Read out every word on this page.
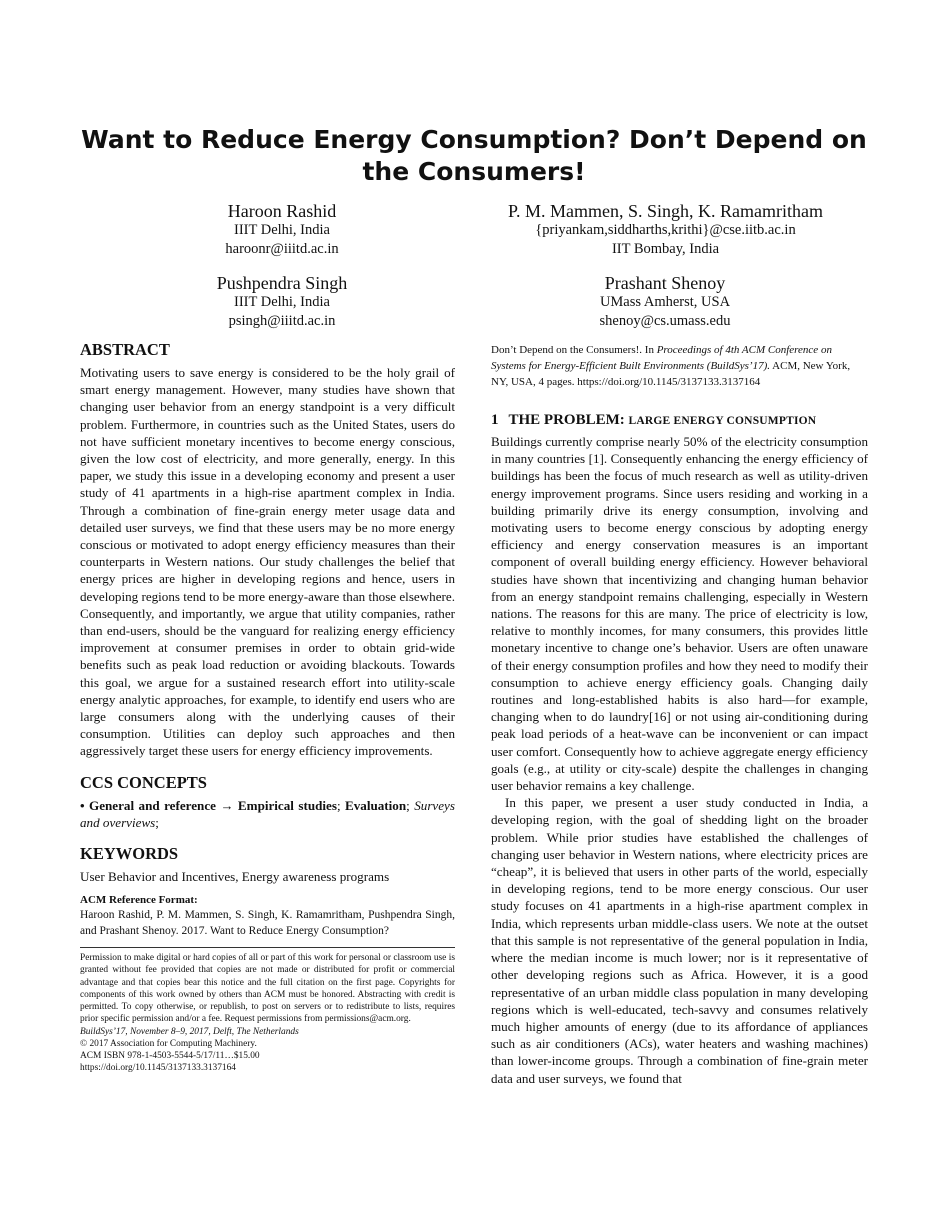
Want to Reduce Energy Consumption? Don’t Depend on the Consumers!
Haroon Rashid
IIIT Delhi, India
haroonr@iiitd.ac.in
P. M. Mammen, S. Singh, K. Ramamritham
{priyankam,siddharths,krithi}@cse.iitb.ac.in
IIT Bombay, India
Pushpendra Singh
IIIT Delhi, India
psingh@iiitd.ac.in
Prashant Shenoy
UMass Amherst, USA
shenoy@cs.umass.edu
ABSTRACT

Motivating users to save energy is considered to be the holy grail of smart energy management. However, many studies have shown that changing user behavior from an energy standpoint is a very difficult problem. Furthermore, in countries such as the United States, users do not have sufficient monetary incentives to become energy conscious, given the low cost of electricity, and more generally, energy. In this paper, we study this issue in a developing economy and present a user study of 41 apartments in a high-rise apartment complex in India. Through a combination of fine-grain energy meter usage data and detailed user surveys, we find that these users may be no more energy conscious or motivated to adopt energy efficiency measures than their counterparts in Western nations. Our study challenges the belief that energy prices are higher in developing regions and hence, users in developing regions tend to be more energy-aware than those elsewhere. Consequently, and importantly, we argue that utility companies, rather than end-users, should be the vanguard for realizing energy efficiency improvement at consumer premises in order to obtain grid-wide benefits such as peak load reduction or avoiding blackouts. Towards this goal, we argue for a sustained research effort into utility-scale energy analytic approaches, for example, to identify end users who are large consumers along with the underlying causes of their consumption. Utilities can deploy such approaches and then aggressively target these users for energy efficiency improvements.

CCS CONCEPTS

• General and reference → Empirical studies; Evaluation; Surveys and overviews;

KEYWORDS

User Behavior and Incentives, Energy awareness programs

ACM Reference Format:

Haroon Rashid, P. M. Mammen, S. Singh, K. Ramamritham, Pushpendra Singh, and Prashant Shenoy. 2017. Want to Reduce Energy Consumption?

Permission to make digital or hard copies of all or part of this work for personal or classroom use is granted without fee provided that copies are not made or distributed for profit or commercial advantage and that copies bear this notice and the full citation on the first page. Copyrights for components of this work owned by others than ACM must be honored. Abstracting with credit is permitted. To copy otherwise, or republish, to post on servers or to redistribute to lists, requires prior specific permission and/or a fee. Request permissions from permissions@acm.org.

BuildSys’17, November 8–9, 2017, Delft, The Netherlands
© 2017 Association for Computing Machinery.
ACM ISBN 978-1-4503-5544-5/17/11…$15.00
https://doi.org/10.1145/3137133.3137164

Don’t Depend on the Consumers!. In Proceedings of 4th ACM Conference on Systems for Energy-Efficient Built Environments (BuildSys’17). ACM, New York, NY, USA, 4 pages. https://doi.org/10.1145/3137133.3137164

1 THE PROBLEM: LARGE ENERGY CONSUMPTION

Buildings currently comprise nearly 50% of the electricity consumption in many countries [1]. Consequently enhancing the energy efficiency of buildings has been the focus of much research as well as utility-driven energy improvement programs. Since users residing and working in a building primarily drive its energy consumption, involving and motivating users to become energy conscious by adopting energy efficiency and energy conservation measures is an important component of overall building energy efficiency. However behavioral studies have shown that incentivizing and changing human behavior from an energy standpoint remains challenging, especially in Western nations. The reasons for this are many. The price of electricity is low, relative to monthly incomes, for many consumers, this provides little monetary incentive to change one’s behavior. Users are often unaware of their energy consumption profiles and how they need to modify their consumption to achieve energy efficiency goals. Changing daily routines and long-established habits is also hard—for example, changing when to do laundry[16] or not using air-conditioning during peak load periods of a heat-wave can be inconvenient or can impact user comfort. Consequently how to achieve aggregate energy efficiency goals (e.g., at utility or city-scale) despite the challenges in changing user behavior remains a key challenge.

In this paper, we present a user study conducted in India, a developing region, with the goal of shedding light on the broader problem. While prior studies have established the challenges of changing user behavior in Western nations, where electricity prices are “cheap”, it is believed that users in other parts of the world, especially in developing regions, tend to be more energy conscious. Our user study focuses on 41 apartments in a high-rise apartment complex in India, which represents urban middle-class users. We note at the outset that this sample is not representative of the general population in India, where the median income is much lower; nor is it representative of other developing regions such as Africa. However, it is a good representative of an urban middle class population in many developing regions which is well-educated, tech-savvy and consumes relatively much higher amounts of energy (due to its affordance of appliances such as air conditioners (ACs), water heaters and washing machines) than lower-income groups. Through a combination of fine-grain meter data and user surveys, we found that
